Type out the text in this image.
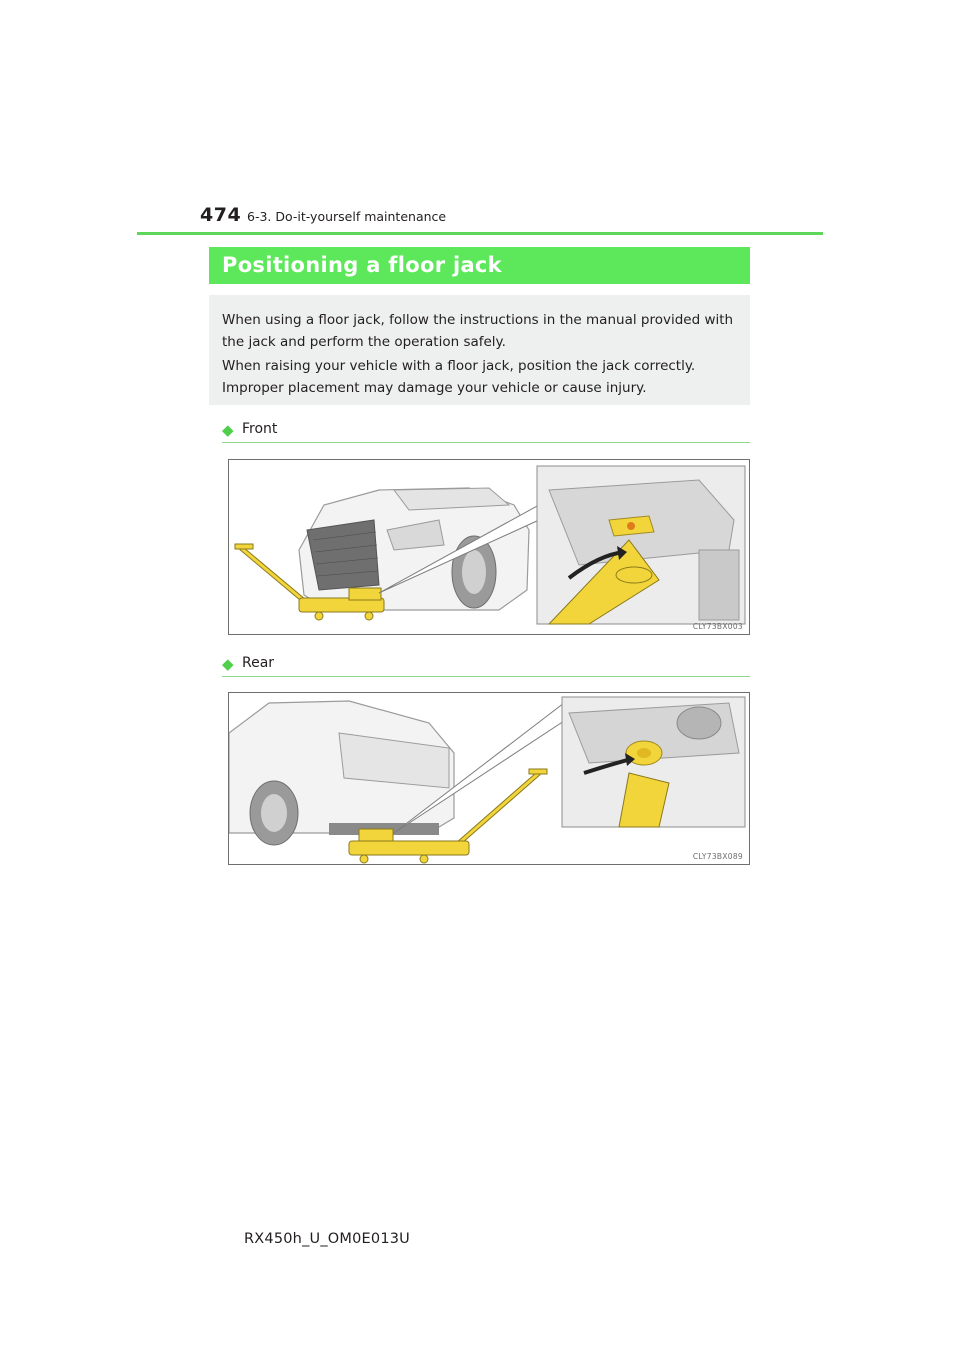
474 6-3. Do-it-yourself maintenance
Positioning a floor jack

When using a floor jack, follow the instructions in the manual provided with the jack and perform the operation safely.

When raising your vehicle with a floor jack, position the jack correctly. Improper placement may damage your vehicle or cause injury.

◆ Front
CLY73BX003
◆ Rear
CLY73BX089
RX450h_U_OM0E013U
